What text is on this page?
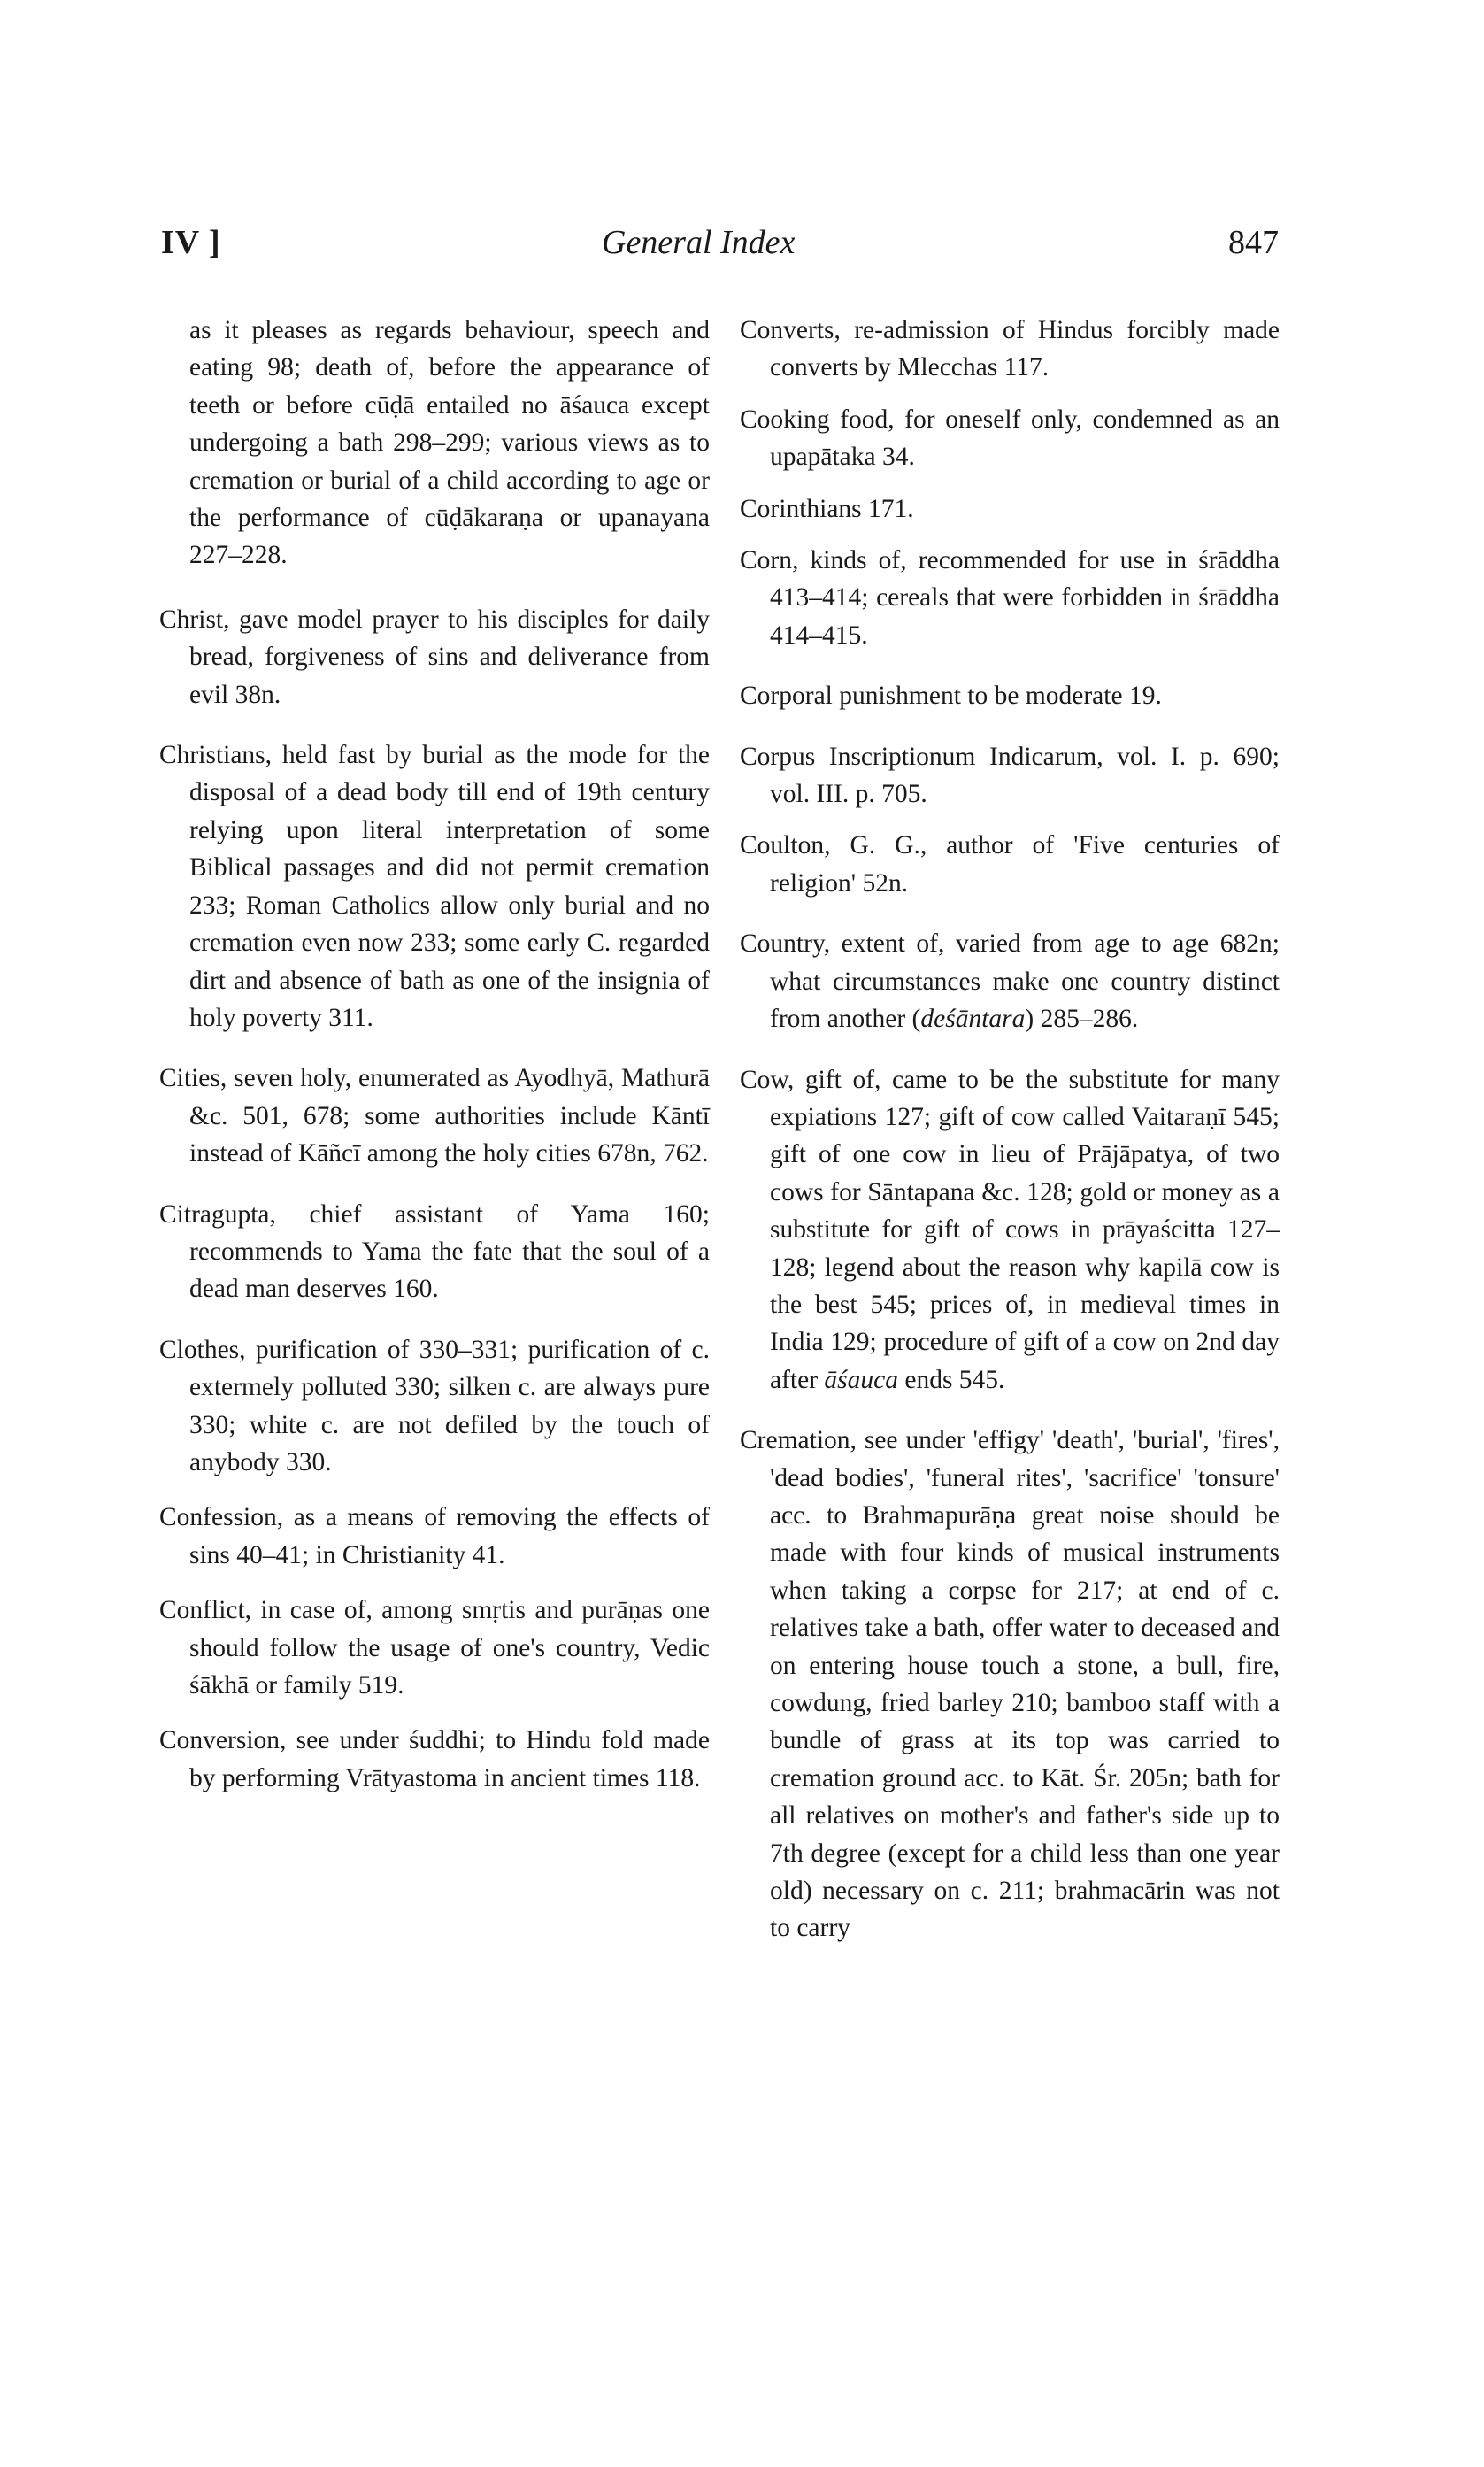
IV ]	General Index	847

as it pleases as regards behaviour, speech and eating 98; death of, before the appearance of teeth or before cūḍā entailed no āśauca except undergoing a bath 298–299; various views as to cremation or burial of a child according to age or the performance of cūḍākaraṇa or upanayana 227–228.

Christ, gave model prayer to his disciples for daily bread, forgiveness of sins and deliverance from evil 38n.

Christians, held fast by burial as the mode for the disposal of a dead body till end of 19th century relying upon literal interpretation of some Biblical passages and did not permit cremation 233; Roman Catholics allow only burial and no cremation even now 233; some early C. regarded dirt and absence of bath as one of the insignia of holy poverty 311.

Cities, seven holy, enumerated as Ayodhyā, Mathurā &c. 501, 678; some authorities include Kāntī instead of Kāñcī among the holy cities 678n, 762.

Citragupta, chief assistant of Yama 160; recommends to Yama the fate that the soul of a dead man deserves 160.

Clothes, purification of 330–331; purification of c. extermely polluted 330; silken c. are always pure 330; white c. are not defiled by the touch of anybody 330.

Confession, as a means of removing the effects of sins 40–41; in Christianity 41.

Conflict, in case of, among smṛtis and purāṇas one should follow the usage of one's country, Vedic śākhā or family 519.

Conversion, see under śuddhi; to Hindu fold made by performing Vrātyastoma in ancient times 118.

Converts, re-admission of Hindus forcibly made converts by Mlecchas 117.

Cooking food, for oneself only, condemned as an upapātaka 34.

Corinthians 171.

Corn, kinds of, recommended for use in śrāddha 413–414; cereals that were forbidden in śrāddha 414–415.

Corporal punishment to be moderate 19.

Corpus Inscriptionum Indicarum, vol. I. p. 690; vol. III. p. 705.

Coulton, G. G., author of 'Five centuries of religion' 52n.

Country, extent of, varied from age to age 682n; what circumstances make one country distinct from another (deśāntara) 285–286.

Cow, gift of, came to be the substitute for many expiations 127; gift of cow called Vaitaraṇī 545; gift of one cow in lieu of Prājāpatya, of two cows for Sāntapana &c. 128; gold or money as a substitute for gift of cows in prāyaścitta 127–128; legend about the reason why kapilā cow is the best 545; prices of, in medieval times in India 129; procedure of gift of a cow on 2nd day after āśauca ends 545.

Cremation, see under 'effigy' 'death', 'burial', 'fires', 'dead bodies', 'funeral rites', 'sacrifice' 'tonsure' acc. to Brahmapurāṇa great noise should be made with four kinds of musical instruments when taking a corpse for 217; at end of c. relatives take a bath, offer water to deceased and on entering house touch a stone, a bull, fire, cowdung, fried barley 210; bamboo staff with a bundle of grass at its top was carried to cremation ground acc. to Kāt. Śr. 205n; bath for all relatives on mother's and father's side up to 7th degree (except for a child less than one year old) necessary on c. 211; brahmacārin was not to carry
